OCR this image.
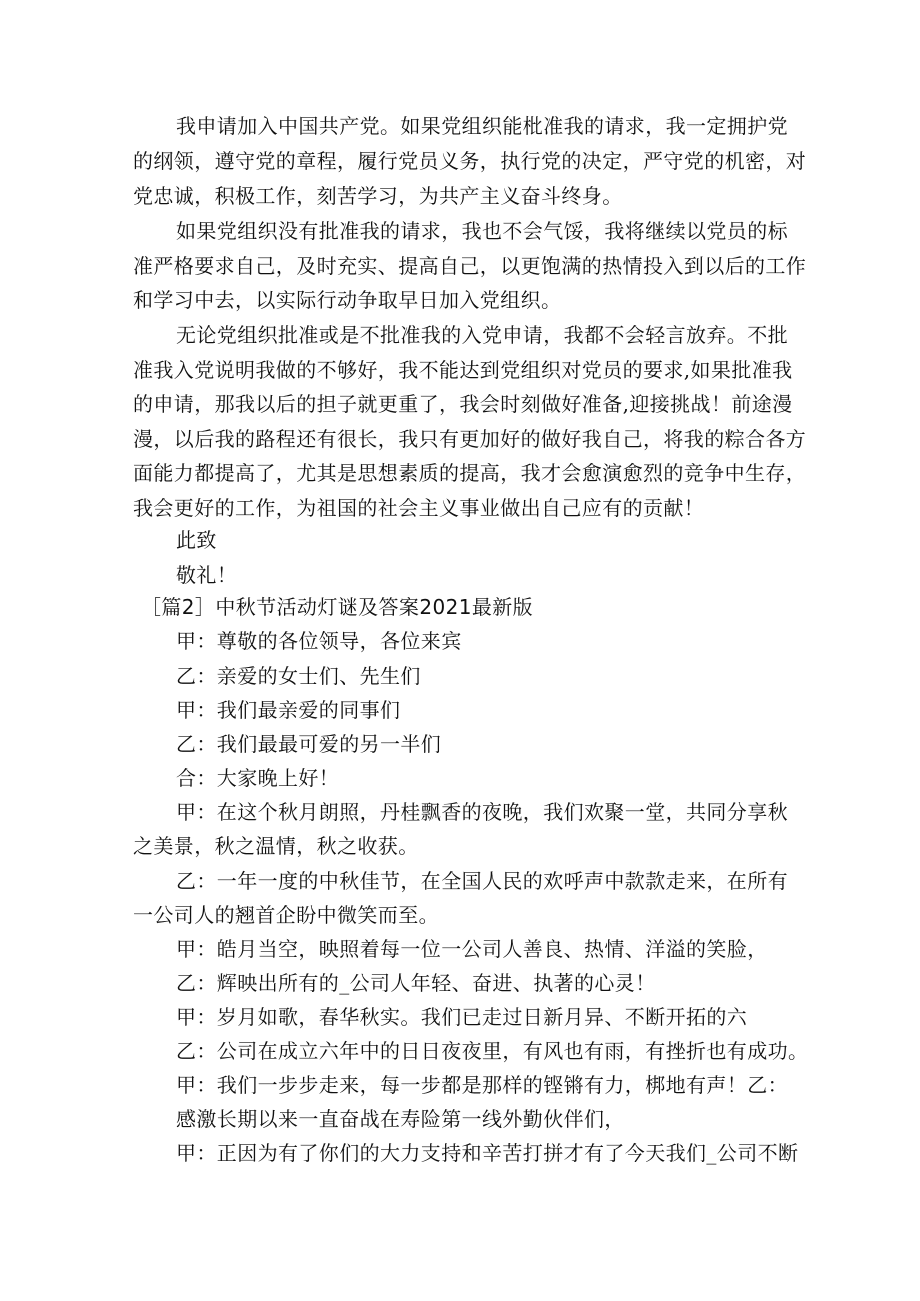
我申请加入中国共产党。如果党组织能枇准我的请求，我一定拥护党
的纲领，遵守党的章程，履行党员义务，执行党的决定，严守党的机密，对
党忠诚，积极工作，刻苦学习，为共产主义奋斗终身。
如果党组织没有批准我的请求，我也不会气馁，我将继续以党员的标
准严格要求自己，及时充实、提高自己，以更饱满的热情投入到以后的工作
和学习中去，以实际行动争取早日加入党组织。
无论党组织批准或是不批准我的入党申请，我都不会轻言放弃。不批
准我入党说明我做的不够好，我不能达到党组织对党员的要求,如果批准我
的申请，那我以后的担子就更重了，我会时刻做好准备,迎接挑战！前途漫
漫，以后我的路程还有很长，我只有更加好的做好我自己，将我的粽合各方
面能力都提高了，尤其是思想素质的提高，我才会愈演愈烈的竞争中生存，
我会更好的工作，为祖国的社会主义事业做出自己应有的贡献！
此致
敬礼！
［篇2］中秋节活动灯谜及答案2021最新版
甲：尊敬的各位领导，各位来宾
乙：亲爱的女士们、先生们
甲：我们最亲爱的同事们
乙：我们最最可爱的另一半们
合：大家晚上好！
甲：在这个秋月朗照，丹桂飘香的夜晚，我们欢聚一堂，共同分享秋
之美景，秋之温情，秋之收获。
乙：一年一度的中秋佳节，在全国人民的欢呼声中款款走来，在所有
一公司人的翘首企盼中微笑而至。
甲：皓月当空，映照着每一位一公司人善良、热情、洋溢的笑脸，
乙：辉映出所有的_公司人年轻、奋进、执著的心灵！
甲：岁月如歌，春华秋实。我们已走过日新月异、不断开拓的六
乙：公司在成立六年中的日日夜夜里，有风也有雨，有挫折也有成功。
甲：我们一步步走来，每一步都是那样的铿锵有力，梆地有声！乙：
感激长期以来一直奋战在寿险第一线外勤伙伴们，
甲：正因为有了你们的大力支持和辛苦打拼才有了今天我们_公司不断
